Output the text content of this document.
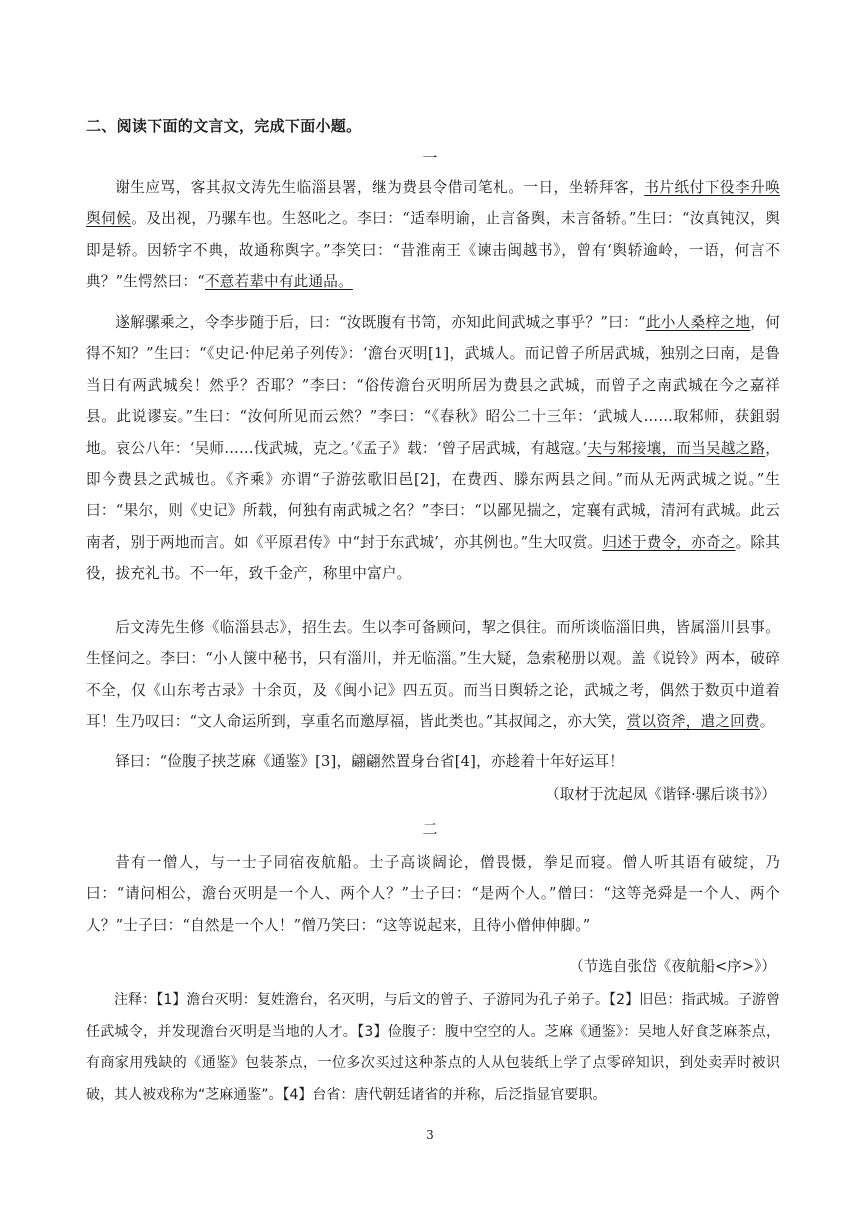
二、阅读下面的文言文，完成下面小题。
一

谢生应骂，客其叔文涛先生临淄县署，继为费县令借司笔札。一日，坐轿拜客，书片纸付下役李升唤舆伺候。及出视，乃骡车也。生怒叱之。李曰：“适奉明谕，止言备舆，未言备轿。”生曰：“汝真钝汉，舆即是轿。因轿字不典，故通称舆字。”李笑曰：“昔淮南王《谏击闽越书》，曾有‘舆轿逾岭，一语，何言不典？”生愕然曰：“不意若辈中有此通品。

遂解骡乘之，令李步随于后，曰：“汝既腹有书笥，亦知此间武城之事乎？”曰：“此小人桑梓之地，何得不知？”生曰：“《史记·仲尼弟子列传》：‘澹台灭明[1]，武城人。而记曾子所居武城，独别之曰南，是鲁当日有两武城矣！然乎？否耶？”李曰：“俗传澹台灭明所居为费县之武城，而曾子之南武城在今之嘉祥县。此说谬妄。”生曰：“汝何所见而云然？”李曰：“《春秋》昭公二十三年：‘武城人……取邾师，获鉏弱地。哀公八年：‘吴师……伐武城，克之。’《孟子》载：‘曾子居武城，有越寇。’夫与邾接壤，而当吴越之路，即今费县之武城也。《齐乘》亦谓“子游弦歌旧邑[2]，在费西、滕东两县之间。”而从无两武城之说。”生曰：“果尔，则《史记》所载，何独有南武城之名？”李曰：“以鄙见揣之，定襄有武城，清河有武城。此云南者，别于两地而言。如《平原君传》中“封于东武城’，亦其例也。”生大叹赏。归述于费令，亦奇之。除其役，拔充礼书。不一年，致千金产，称里中富户。

后文涛先生修《临淄县志》，招生去。生以李可备顾问，挈之俱往。而所谈临淄旧典，皆属淄川县事。生怪问之。李曰：“小人箧中秘书，只有淄川，并无临淄。”生大疑，急索秘册以观。盖《说铃》两本，破碎不全，仅《山东考古录》十余页，及《闽小记》四五页。而当日舆轿之论，武城之考，偶然于数页中道着耳！生乃叹曰：“文人命运所到，享重名而邀厚福，皆此类也。”其叔闻之，亦大笑，赏以资斧，遣之回费。

铎曰：“俭腹子挟芝麻《通鉴》[3]，翩翩然置身台省[4]，亦趁着十年好运耳！

（取材于沈起凤《谐铎·骡后谈书》）
二

昔有一僧人，与一士子同宿夜航船。士子高谈阔论，僧畏慑，拳足而寝。僧人听其语有破绽，乃曰：“请问相公，澹台灭明是一个人、两个人？”士子曰：“是两个人。”僧曰：“这等尧舜是一个人、两个人？”士子曰：“自然是一个人！”僧乃笑曰：“这等说起来，且待小僧伸伸脚。”

（节选自张岱《夜航船<序>》）

注释：【1】澹台灭明：复姓澹台，名灭明，与后文的曾子、子游同为孔子弟子。【2】旧邑：指武城。子游曾任武城令，并发现澹台灭明是当地的人才。【3】俭腹子：腹中空空的人。芝麻《通鉴》：吴地人好食芝麻茶点，有商家用残缺的《通鉴》包装茶点，一位多次买过这种茶点的人从包装纸上学了点零碎知识，到处卖弄时被识破，其人被戏称为“芝麻通鉴”。【4】台省：唐代朝廷诸省的并称，后泛指显官要职。

3
